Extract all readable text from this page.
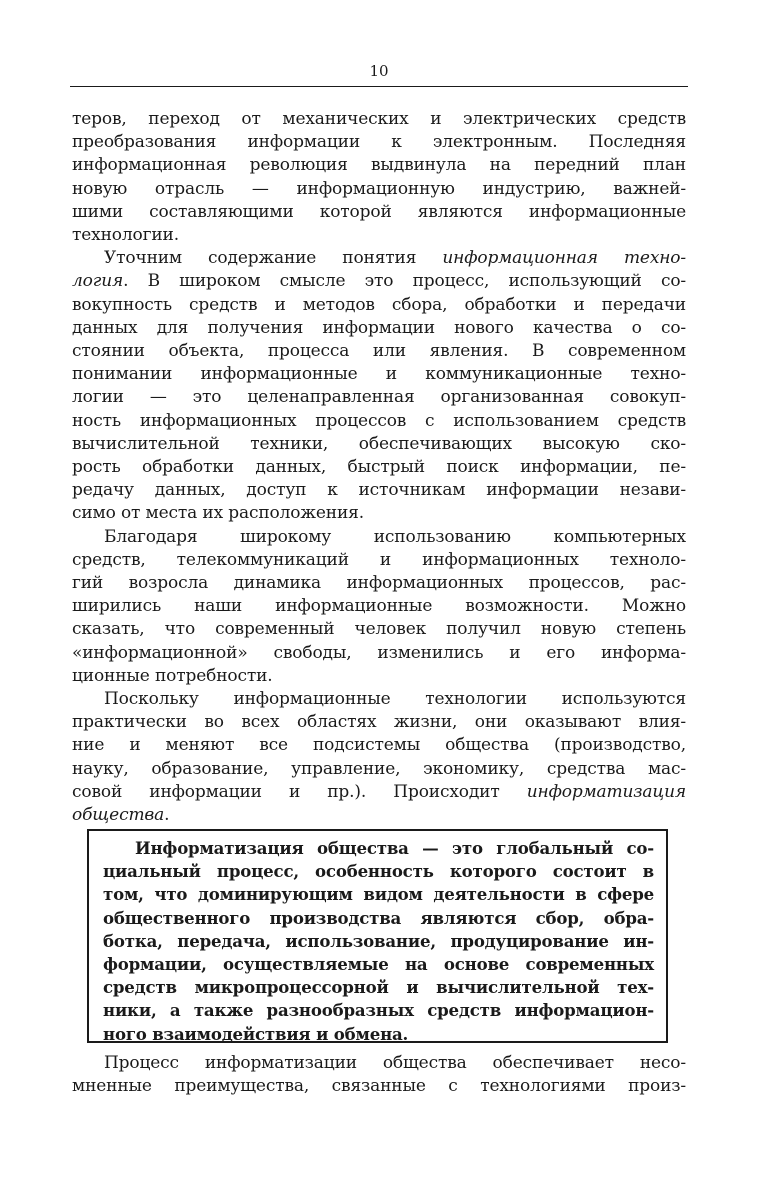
10
теров, переход от механических и электрических средств
преобразования информации к электронным. Последняя
информационная революция выдвинула на передний план
новую отрасль — информационную индустрию, важней-
шими составляющими которой являются информационные
технологии.
Уточним содержание понятия информационная техно-
логия. В широком смысле это процесс, использующий со-
вокупность средств и методов сбора, обработки и передачи
данных для получения информации нового качества о со-
стоянии объекта, процесса или явления. В современном
понимании информационные и коммуникационные техно-
логии — это целенаправленная организованная совокуп-
ность информационных процессов с использованием средств
вычислительной техники, обеспечивающих высокую ско-
рость обработки данных, быстрый поиск информации, пе-
редачу данных, доступ к источникам информации незави-
симо от места их расположения.
Благодаря широкому использованию компьютерных
средств, телекоммуникаций и информационных техноло-
гий возросла динамика информационных процессов, рас-
ширились наши информационные возможности. Можно
сказать, что современный человек получил новую степень
«информационной» свободы, изменились и его информа-
ционные потребности.
Поскольку информационные технологии используются
практически во всех областях жизни, они оказывают влия-
ние и меняют все подсистемы общества (производство,
науку, образование, управление, экономику, средства мас-
совой информации и пр.). Происходит информатизация
общества.
Информатизация общества — это глобальный со-
циальный процесс, особенность которого состоит в
том, что доминирующим видом деятельности в сфере
общественного производства являются сбор, обра-
ботка, передача, использование, продуцирование ин-
формации, осуществляемые на основе современных
средств микропроцессорной и вычислительной тех-
ники, а также разнообразных средств информацион-
ного взаимодействия и обмена.
Процесс информатизации общества обеспечивает несо-
мненные преимущества, связанные с технологиями произ-
